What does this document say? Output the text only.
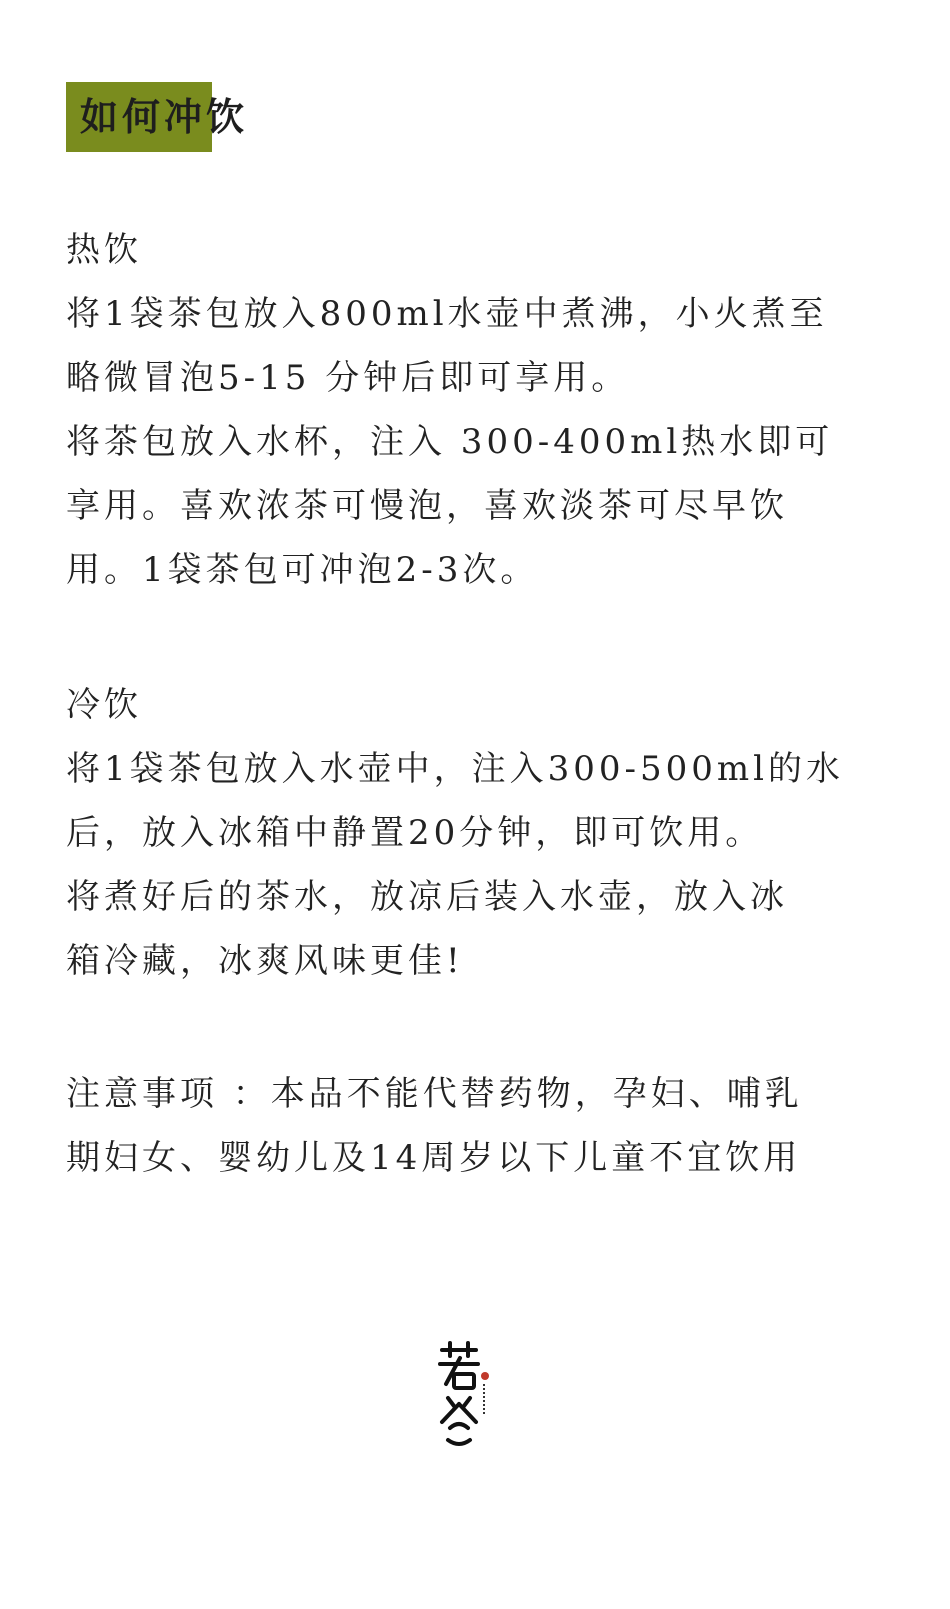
如何冲饮
热饮
将1袋茶包放入800ml水壶中煮沸，小火煮至
略微冒泡5-15 分钟后即可享用。
将茶包放入水杯，注入 300-400ml热水即可
享用。喜欢浓茶可慢泡，喜欢淡茶可尽早饮
用。1袋茶包可冲泡2-3次。
冷饮
将1袋茶包放入水壶中，注入300-500ml的水
后，放入冰箱中静置20分钟，即可饮用。
将煮好后的茶水，放凉后装入水壶，放入冰
箱冷藏，冰爽风味更佳!
注意事项 ：本品不能代替药物，孕妇、哺乳
期妇女、婴幼儿及14周岁以下儿童不宜饮用
